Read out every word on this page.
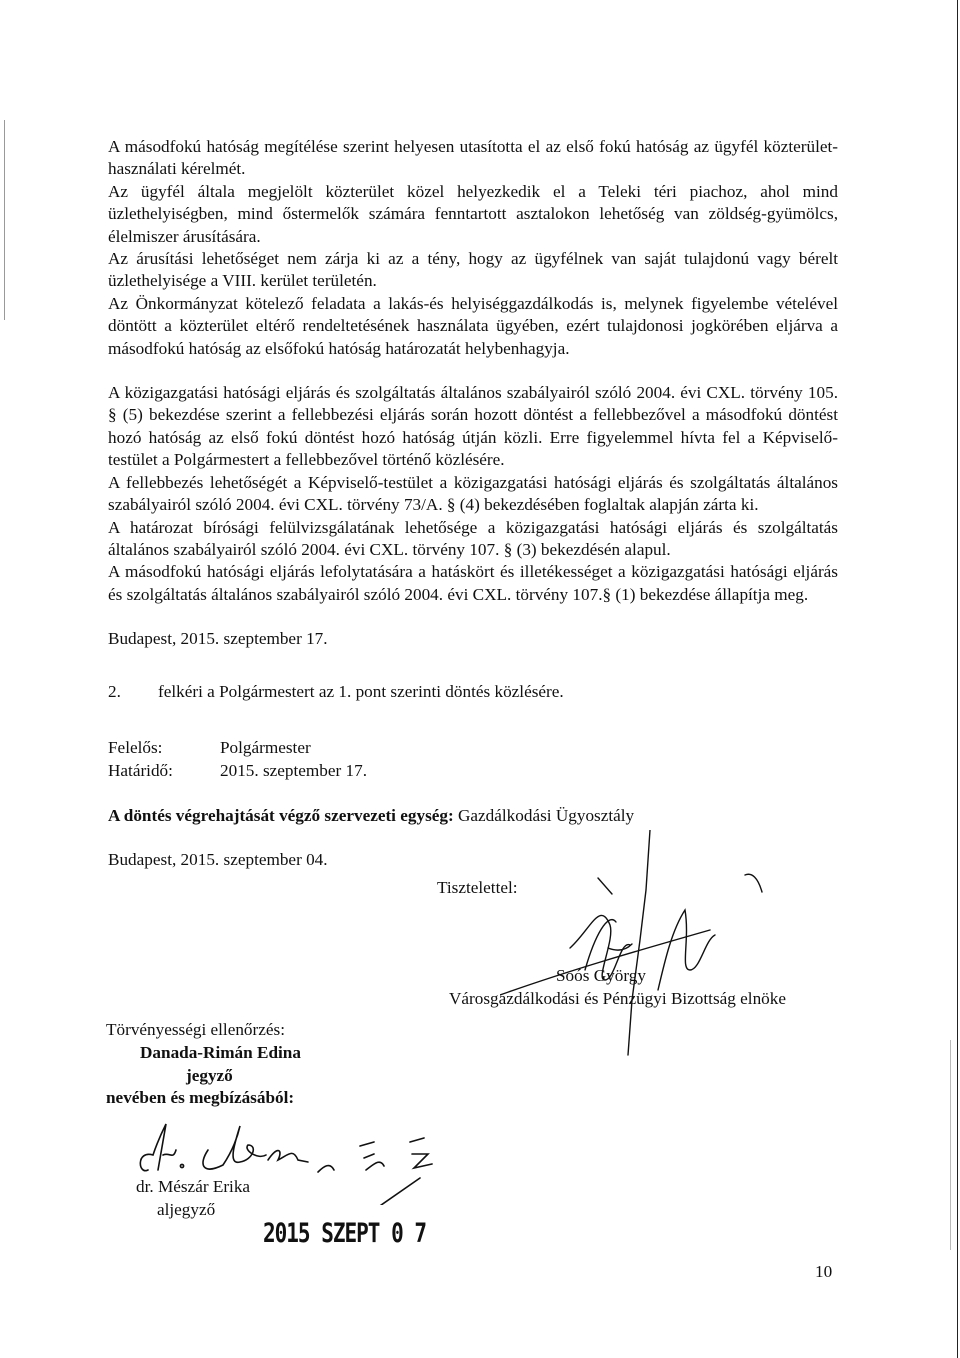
A másodfokú hatóság megítélése szerint helyesen utasította el az első fokú hatóság az ügyfél közterület-használati kérelmét.

Az ügyfél általa megjelölt közterület közel helyezkedik el a Teleki téri piachoz, ahol mind üzlethelyiségben, mind őstermelők számára fenntartott asztalokon lehetőség van zöldség-gyümölcs, élelmiszer árusítására.

Az árusítási lehetőséget nem zárja ki az a tény, hogy az ügyfélnek van saját tulajdonú vagy bérelt üzlethelyisége a VIII. kerület területén.

Az Önkormányzat kötelező feladata a lakás-és helyiséggazdálkodás is, melynek figyelembe vételével döntött a közterület eltérő rendeltetésének használata ügyében, ezért tulajdonosi jogkörében eljárva a másodfokú hatóság az elsőfokú hatóság határozatát helybenhagyja.

A közigazgatási hatósági eljárás és szolgáltatás általános szabályairól szóló 2004. évi CXL. törvény 105. § (5) bekezdése szerint a fellebbezési eljárás során hozott döntést a fellebbezővel a másodfokú döntést hozó hatóság az első fokú döntést hozó hatóság útján közli. Erre figyelemmel hívta fel a Képviselő-testület a Polgármestert a fellebbezővel történő közlésére.

A fellebbezés lehetőségét a Képviselő-testület a közigazgatási hatósági eljárás és szolgáltatás általános szabályairól szóló 2004. évi CXL. törvény 73/A. § (4) bekezdésében foglaltak alapján zárta ki.

A határozat bírósági felülvizsgálatának lehetősége a közigazgatási hatósági eljárás és szolgáltatás általános szabályairól szóló 2004. évi CXL. törvény 107. § (3) bekezdésén alapul.

A másodfokú hatósági eljárás lefolytatására a hatáskört és illetékességet a közigazgatási hatósági eljárás és szolgáltatás általános szabályairól szóló 2004. évi CXL. törvény 107.§ (1) bekezdése állapítja meg.

Budapest, 2015. szeptember 17.

2. felkéri a Polgármestert az 1. pont szerinti döntés közlésére.
Felelős:	Polgármester
Határidő:	2015. szeptember 17.
A döntés végrehajtását végző szervezeti egység: Gazdálkodási Ügyosztály
Budapest, 2015. szeptember 04.
Tisztelettel:
Soós György
Városgazdálkodási és Pénzügyi Bizottság elnöke
Törvényességi ellenőrzés:
Danada-Rimán Edina
jegyző
nevében és megbízásából:
dr. Mészár Erika
aljegyző
2015 SZEPT 0 7
10
